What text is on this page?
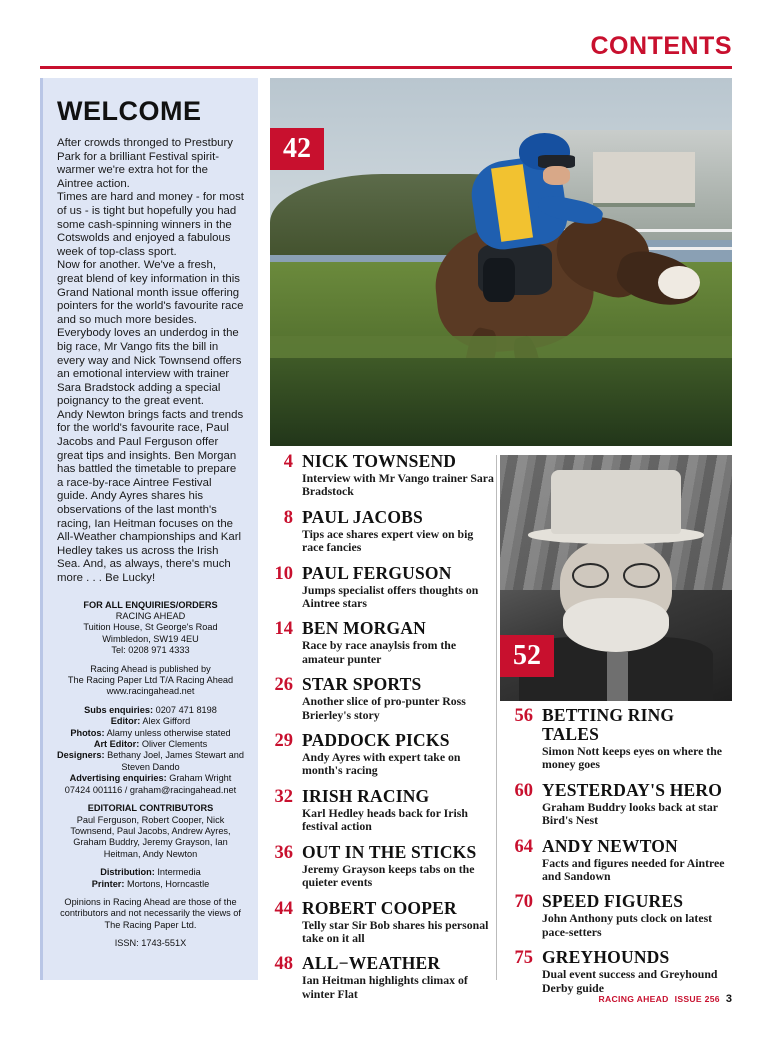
CONTENTS
WELCOME

After crowds thronged to Prestbury Park for a brilliant Festival spirit-warmer we're extra hot for the Aintree action.

Times are hard and money - for most of us - is tight but hopefully you had some cash-spinning winners in the Cotswolds and enjoyed a fabulous week of top-class sport.

Now for another. We've a fresh, great blend of key information in this Grand National month issue offering pointers for the world's favourite race and so much more besides.

Everybody loves an underdog in the big race, Mr Vango fits the bill in every way and Nick Townsend offers an emotional interview with trainer Sara Bradstock adding a special poignancy to the great event.

Andy Newton brings facts and trends for the world's favourite race, Paul Jacobs and Paul Ferguson offer great tips and insights. Ben Morgan has battled the timetable to prepare a race-by-race Aintree Festival guide. Andy Ayres shares his observations of the last month's racing, Ian Heitman focuses on the All-Weather championships and Karl Hedley takes us across the Irish Sea. And, as always, there's much more . . . Be Lucky!

FOR ALL ENQUIRIES/ORDERS
RACING AHEAD
Tuition House, St George's Road
Wimbledon, SW19 4EU
Tel: 0208 971 4333
Racing Ahead is published by
The Racing Paper Ltd T/A Racing Ahead
www.racingahead.net
Subs enquiries: 0207 471 8198
Editor: Alex Gifford
Photos: Alamy unless otherwise stated
Art Editor: Oliver Clements
Designers: Bethany Joel, James Stewart and Steven Dando
Advertising enquiries: Graham Wright
07424 001116 / graham@racingahead.net
EDITORIAL CONTRIBUTORS
Paul Ferguson, Robert Cooper, Nick Townsend, Paul Jacobs, Andrew Ayres, Graham Buddry, Jeremy Grayson, Ian Heitman, Andy Newton
Distribution: Intermedia
Printer: Mortons, Horncastle
Opinions in Racing Ahead are those of the contributors and not necessarily the views of The Racing Paper Ltd.
ISSN: 1743-551X
42
52
4 NICK TOWNSEND
Interview with Mr Vango trainer Sara Bradstock
8 PAUL JACOBS
Tips ace shares expert view on big race fancies
10 PAUL FERGUSON
Jumps specialist offers thoughts on Aintree stars
14 BEN MORGAN
Race by race anaylsis from the amateur punter
26 STAR SPORTS
Another slice of pro-punter Ross Brierley's story
29 PADDOCK PICKS
Andy Ayres with expert take on month's racing
32 IRISH RACING
Karl Hedley heads back for Irish festival action
36 OUT IN THE STICKS
Jeremy Grayson keeps tabs on the quieter events
44 ROBERT COOPER
Telly star Sir Bob shares his personal take on it all
48 ALL−WEATHER
Ian Heitman highlights climax of winter Flat
56 BETTING RING TALES
Simon Nott keeps eyes on where the money goes
60 YESTERDAY'S HERO
Graham Buddry looks back at star Bird's Nest
64 ANDY NEWTON
Facts and figures needed for Aintree and Sandown
70 SPEED FIGURES
John Anthony puts clock on latest pace-setters
75 GREYHOUNDS
Dual event success and Greyhound Derby guide
RACING AHEAD ISSUE 256 3
